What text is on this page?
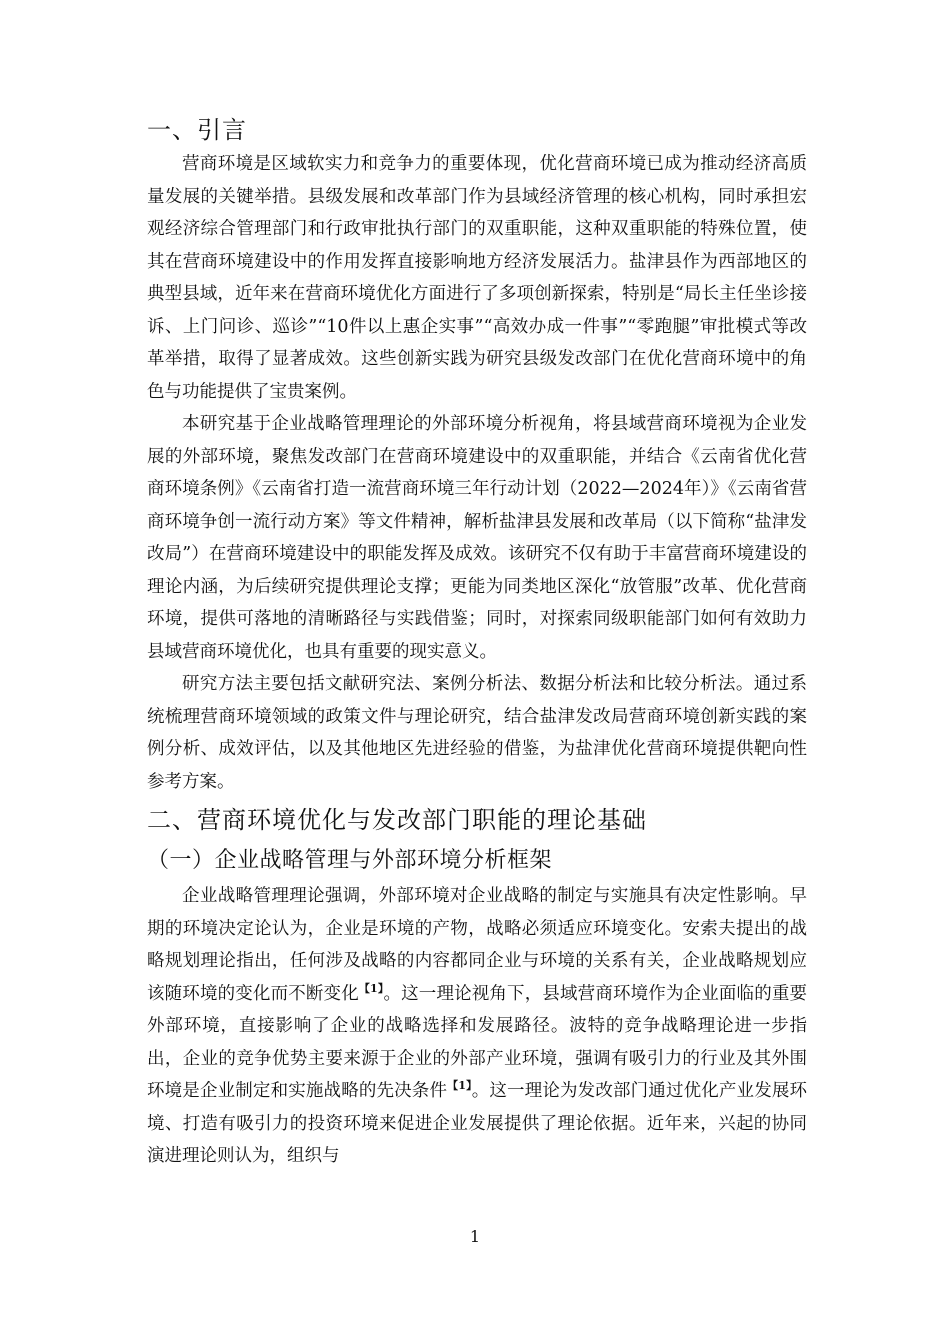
一、引言

营商环境是区域软实力和竞争力的重要体现，优化营商环境已成为推动经济高质量发展的关键举措。县级发展和改革部门作为县域经济管理的核心机构，同时承担宏观经济综合管理部门和行政审批执行部门的双重职能，这种双重职能的特殊位置，使其在营商环境建设中的作用发挥直接影响地方经济发展活力。盐津县作为西部地区的典型县域，近年来在营商环境优化方面进行了多项创新探索，特别是“局长主任坐诊接诉、上门问诊、巡诊”“10件以上惠企实事”“高效办成一件事”“零跑腿”审批模式等改革举措，取得了显著成效。这些创新实践为研究县级发改部门在优化营商环境中的角色与功能提供了宝贵案例。

本研究基于企业战略管理理论的外部环境分析视角，将县域营商环境视为企业发展的外部环境，聚焦发改部门在营商环境建设中的双重职能，并结合《云南省优化营商环境条例》《云南省打造一流营商环境三年行动计划（2022—2024年）》《云南省营商环境争创一流行动方案》等文件精神，解析盐津县发展和改革局（以下简称“盐津发改局”）在营商环境建设中的职能发挥及成效。该研究不仅有助于丰富营商环境建设的理论内涵，为后续研究提供理论支撑；更能为同类地区深化“放管服”改革、优化营商环境，提供可落地的清晰路径与实践借鉴；同时，对探索同级职能部门如何有效助力县域营商环境优化，也具有重要的现实意义。

研究方法主要包括文献研究法、案例分析法、数据分析法和比较分析法。通过系统梳理营商环境领域的政策文件与理论研究，结合盐津发改局营商环境创新实践的案例分析、成效评估，以及其他地区先进经验的借鉴，为盐津优化营商环境提供靶向性参考方案。

二、营商环境优化与发改部门职能的理论基础
（一）企业战略管理与外部环境分析框架

企业战略管理理论强调，外部环境对企业战略的制定与实施具有决定性影响。早期的环境决定论认为，企业是环境的产物，战略必须适应环境变化。安索夫提出的战略规划理论指出，任何涉及战略的内容都同企业与环境的关系有关，企业战略规划应该随环境的变化而不断变化$^{【1】}$。这一理论视角下，县域营商环境作为企业面临的重要外部环境，直接影响了企业的战略选择和发展路径。波特的竞争战略理论进一步指出，企业的竞争优势主要来源于企业的外部产业环境，强调有吸引力的行业及其外围环境是企业制定和实施战略的先决条件$^{【1】}$。这一理论为发改部门通过优化产业发展环境、打造有吸引力的投资环境来促进企业发展提供了理论依据。近年来，兴起的协同演进理论则认为，组织与

1
